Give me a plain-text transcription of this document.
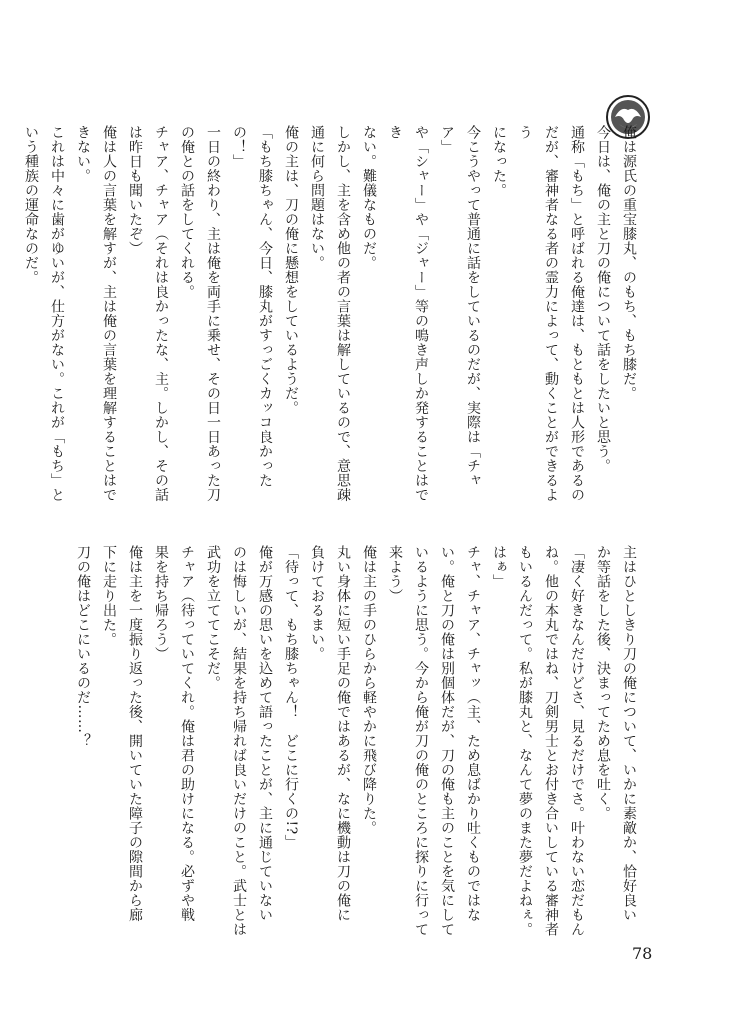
俺は源氏の重宝膝丸、のもち、もち膝だ。

今日は、俺の主と刀の俺について話をしたいと思う。

通称「もち」と呼ばれる俺達は、もともとは人形であるの

だが、審神者なる者の霊力によって、動くことができるよう

になった。

今こうやって普通に話をしているのだが、実際は「チャア」

や「シャー」や「ジャー」等の鳴き声しか発することはでき

ない。難儀なものだ。

しかし、主を含め他の者の言葉は解しているので、意思疎

通に何ら問題はない。

俺の主は、刀の俺に懸想をしているようだ。

「もち膝ちゃん、今日、膝丸がすっごくカッコ良かったの！」

一日の終わり、主は俺を両手に乗せ、その日一日あった刀

の俺との話をしてくれる。

チャア、チャア（それは良かったな、主。しかし、その話

は昨日も聞いたぞ）

俺は人の言葉を解すが、主は俺の言葉を理解することはで

きない。

これは中々に歯がゆいが、仕方がない。これが「もち」と

いう種族の運命なのだ。

主はひとしきり刀の俺について、いかに素敵か、恰好良い

か等話をした後、決まってため息を吐く。

「凄く好きなんだけどさ、見るだけでさ。叶わない恋だもん

ね。他の本丸ではね、刀剣男士とお付き合いしている審神者

もいるんだって。私が膝丸と、なんて夢のまた夢だよねぇ。

はぁ」

チャ、チャア、チャッ（主、ため息ばかり吐くものではな

い。俺と刀の俺は別個体だが、刀の俺も主のことを気にして

いるように思う。今から俺が刀の俺のところに探りに行って

来よう）

俺は主の手のひらから軽やかに飛び降りた。

丸い身体に短い手足の俺ではあるが、なに機動は刀の俺に

負けておるまい。

「待って、もち膝ちゃん！　どこに行くの!?」

俺が万感の思いを込めて語ったことが、主に通じていない

のは悔しいが、結果を持ち帰れば良いだけのこと。武士とは

武功を立ててこそだ。

チャア（待っていてくれ。俺は君の助けになる。必ずや戦

果を持ち帰ろう）

俺は主を一度振り返った後、開いていた障子の隙間から廊

下に走り出た。

刀の俺はどこにいるのだ……？

78
